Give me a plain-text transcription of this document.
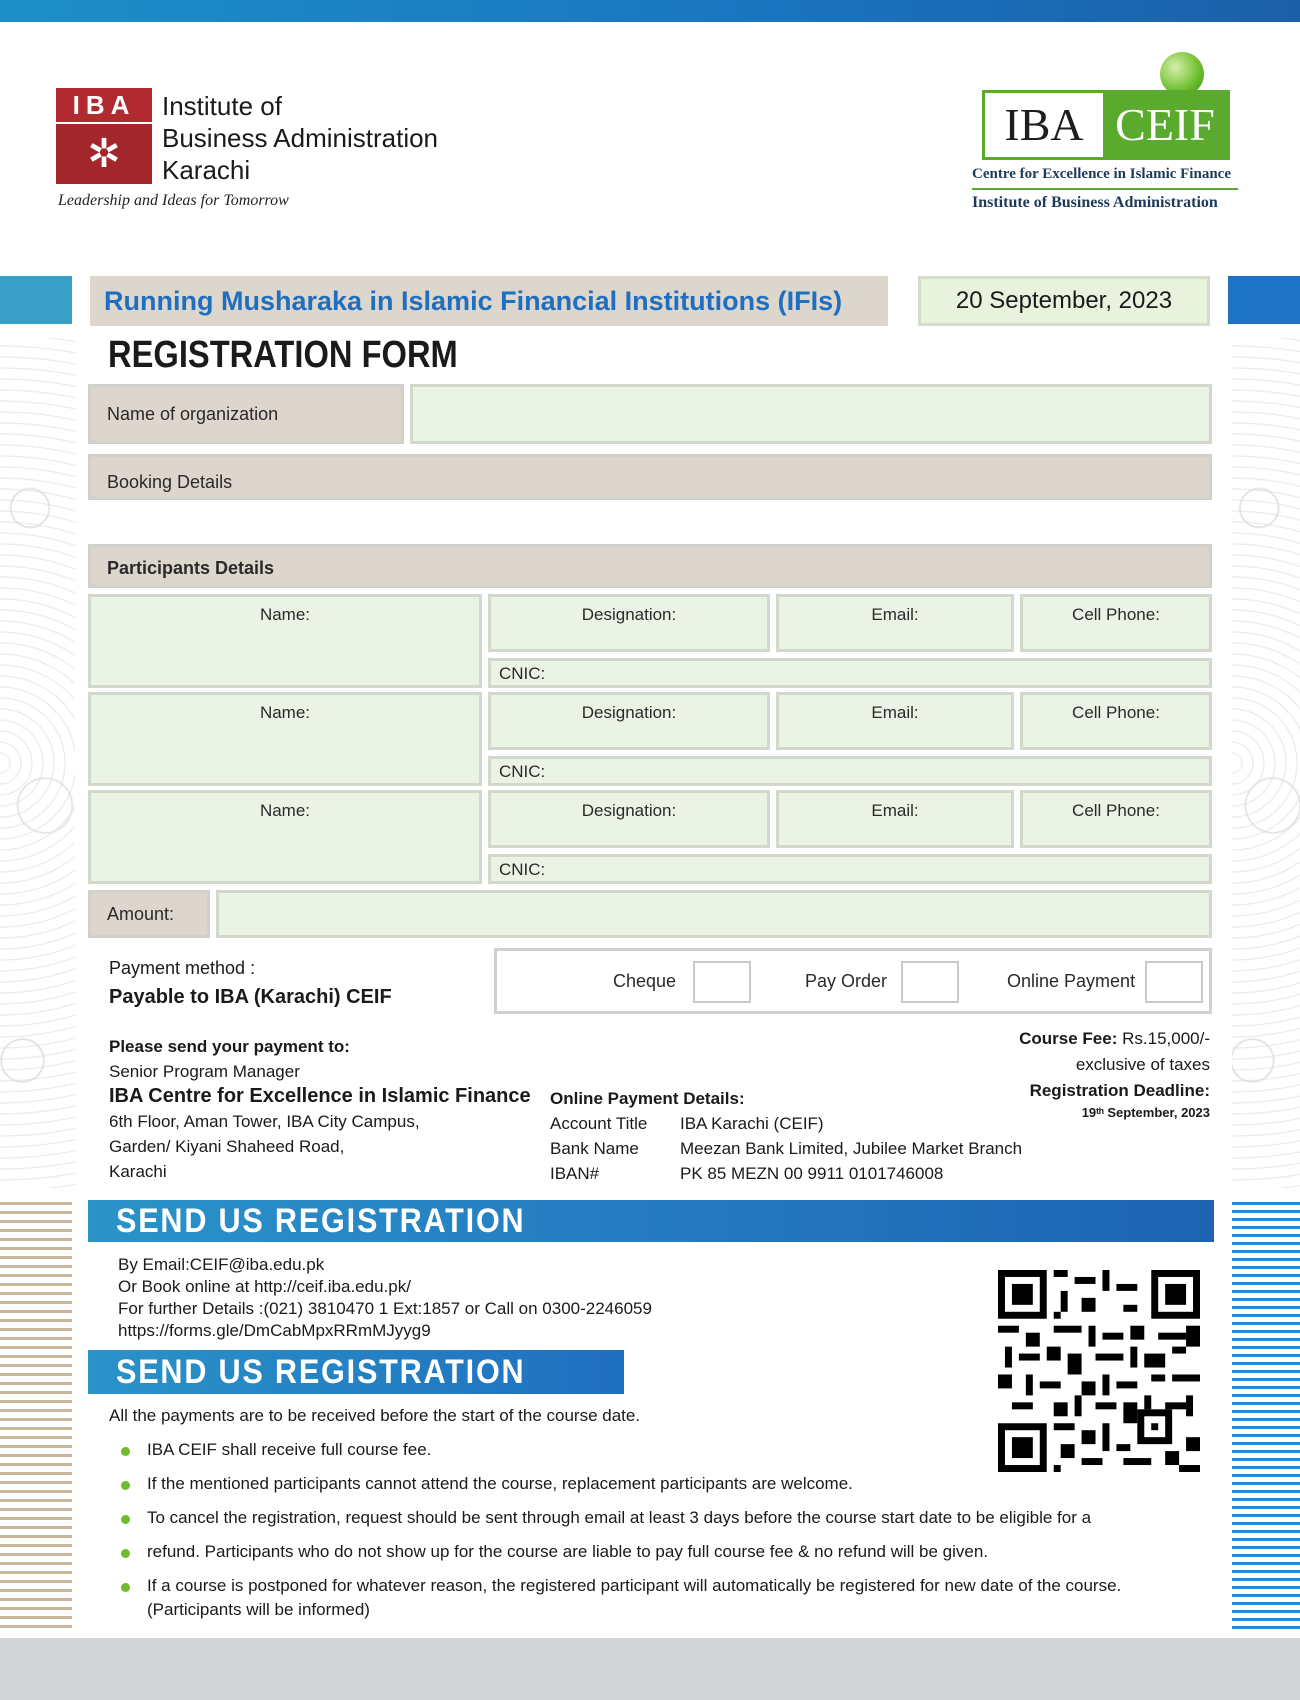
IBA
✲
Institute of
Business Administration
Karachi
Leadership and Ideas for Tomorrow
IBA CEIF
Centre for Excellence in Islamic Finance
Institute of Business Administration
Running Musharaka in Islamic Financial Institutions (IFIs)	20 September, 2023
REGISTRATION FORM
Name of organization
Booking Details
Participants Details
Name:	Designation:	Email:	Cell Phone:
CNIC:
Name:	Designation:	Email:	Cell Phone:
CNIC:
Name:	Designation:	Email:	Cell Phone:
CNIC:
Amount:
Payment method :
Payable to IBA (Karachi) CEIF
Cheque	Pay Order	Online Payment
Please send your payment to:
Senior Program Manager
IBA Centre for Excellence in Islamic Finance
6th Floor, Aman Tower, IBA City Campus,
Garden/ Kiyani Shaheed Road,
Karachi
Online Payment Details:
Account Title	IBA Karachi (CEIF)
Bank Name	Meezan Bank Limited, Jubilee Market Branch
IBAN#	PK 85 MEZN 00 9911 0101746008
Course Fee: Rs.15,000/-
exclusive of taxes
Registration Deadline:
19ᵗʰ September, 2023
SEND US REGISTRATION
By Email:CEIF@iba.edu.pk
Or Book online at http://ceif.iba.edu.pk/
For further Details :(021) 3810470 1 Ext:1857 or Call on 0300-2246059
https://forms.gle/DmCabMpxRRmMJyyg9
SEND US REGISTRATION
All the payments are to be received before the start of the course date.
IBA CEIF shall receive full course fee.
If the mentioned participants cannot attend the course, replacement participants are welcome.
To cancel the registration, request should be sent through email at least 3 days before the course start date to be eligible for a
refund. Participants who do not show up for the course are liable to pay full course fee & no refund will be given.
If a course is postponed for whatever reason, the registered participant will automatically be registered for new date of the course. (Participants will be informed)
